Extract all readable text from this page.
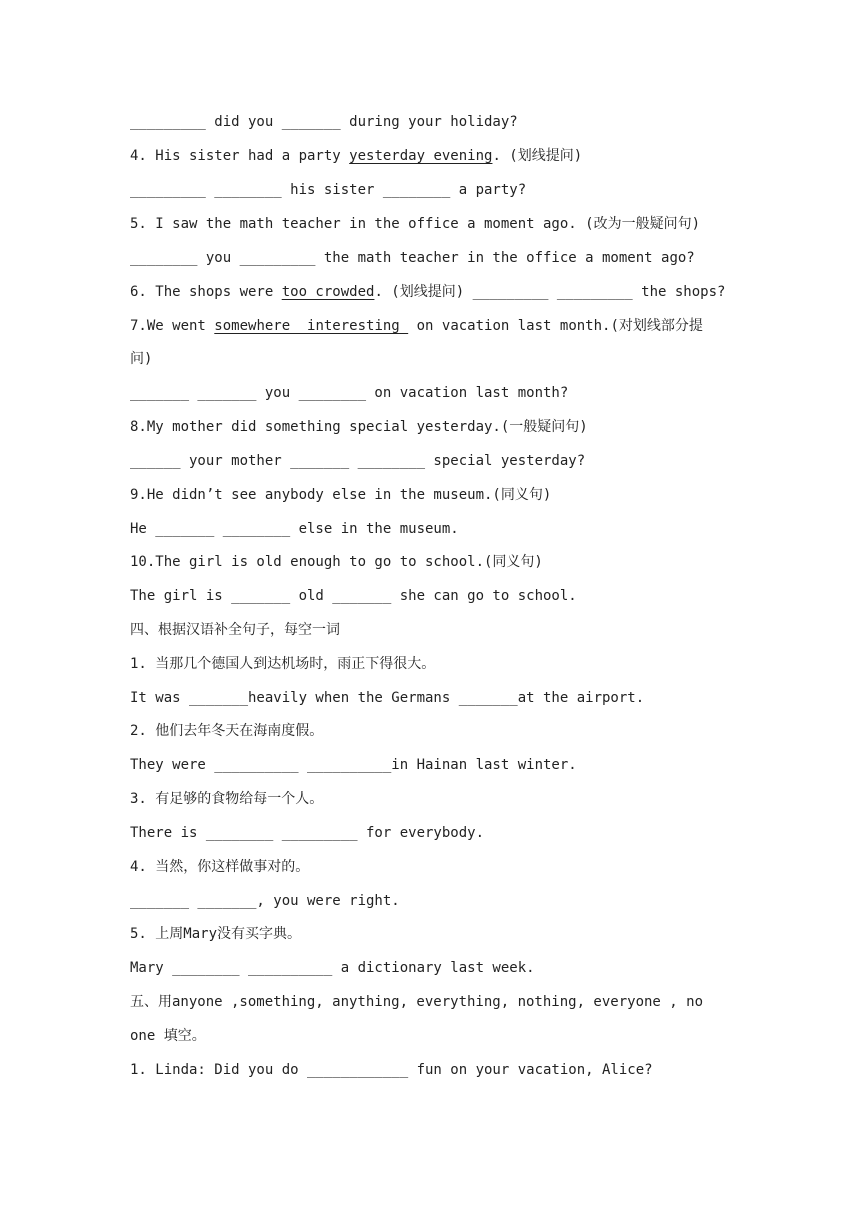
_________ did you _______ during your holiday?
4. His sister had a party yesterday evening. (划线提问)
_________ ________ his sister ________ a party?
5. I saw the math teacher in the office a moment ago. (改为一般疑问句)
________ you _________ the math teacher in the office a moment ago?
6. The shops were too crowded. (划线提问) _________ _________ the shops?
7.We went somewhere  interesting  on vacation last month.(对划线部分提
问)
_______ _______ you ________ on vacation last month?
8.My mother did something special yesterday.(一般疑问句)
______ your mother _______ ________ special yesterday?
9.He didn’t see anybody else in the museum.(同义句)
He _______ ________ else in the museum.
10.The girl is old enough to go to school.(同义句)
The girl is _______ old _______ she can go to school.
四、根据汉语补全句子，每空一词
1. 当那几个德国人到达机场时，雨正下得很大。
It was _______heavily when the Germans _______at the airport.
2. 他们去年冬天在海南度假。
They were __________ __________in Hainan last winter.
3. 有足够的食物给每一个人。
There is ________ _________ for everybody.
4. 当然，你这样做事对的。
_______ _______, you were right.
5. 上周Mary没有买字典。
Mary ________ __________ a dictionary last week.
五、用anyone ,something, anything, everything, nothing, everyone , no
one 填空。
1. Linda: Did you do ____________ fun on your vacation, Alice?
